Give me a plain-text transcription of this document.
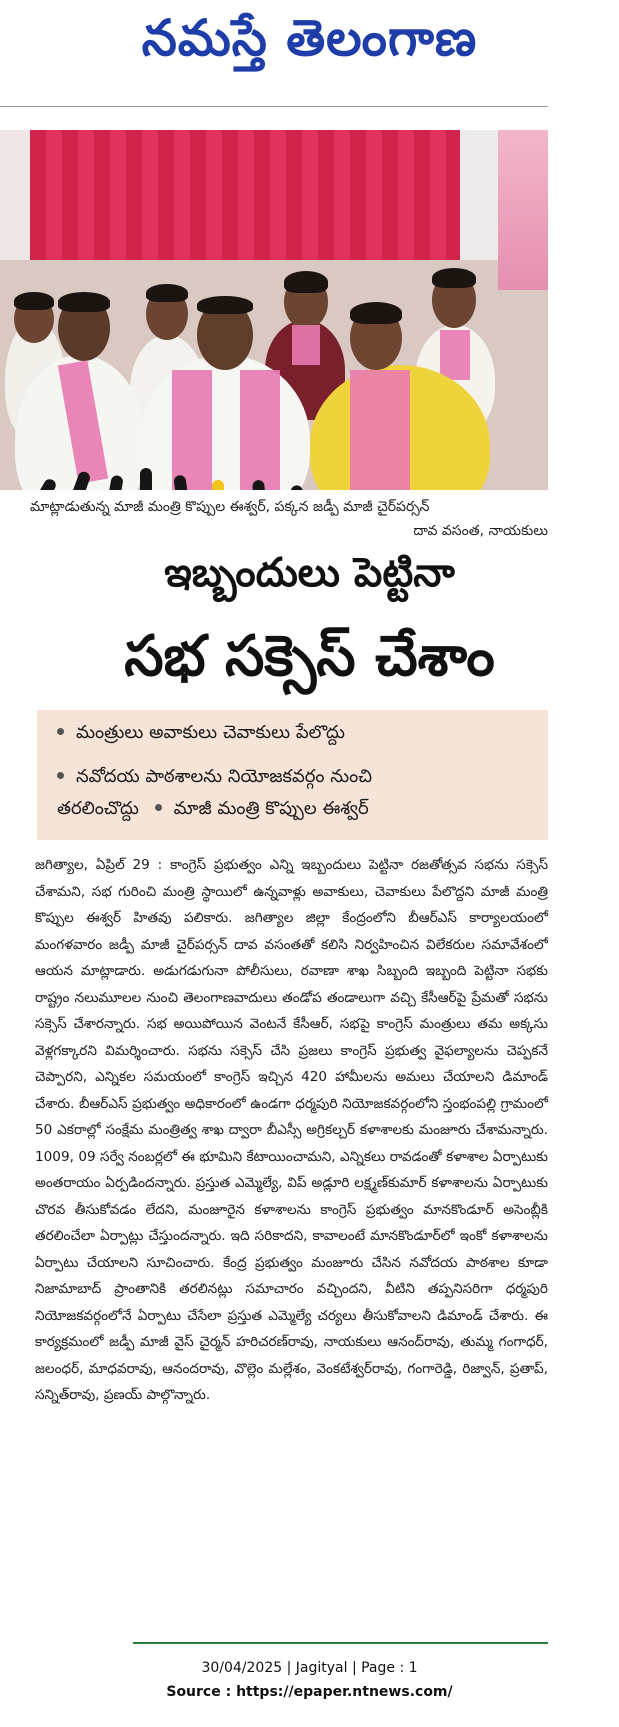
నమస్తే తెలంగాణ
మాట్లాడుతున్న మాజీ మంత్రి కొప్పుల ఈశ్వర్, పక్కన జడ్పీ మాజీ చైర్‌పర్సన్
దావ వసంత, నాయకులు
ఇబ్బందులు పెట్టినా
సభ సక్సెస్ చేశాం
మంత్రులు అవాకులు చెవాకులు పేలొద్దు
నవోదయ పాఠశాలను నియోజకవర్గం నుంచి
తరలించొద్దు మాజీ మంత్రి కొప్పుల ఈశ్వర్

జగిత్యాల, ఏప్రిల్ 29 : కాంగ్రెస్ ప్రభుత్వం ఎన్ని ఇబ్బందులు పెట్టినా రజతోత్సవ సభను సక్సెస్ చేశామని, సభ గురించి మంత్రి స్థాయిలో ఉన్నవాళ్లు అవాకులు, చెవాకులు పేలొద్దని మాజీ మంత్రి కొప్పుల ఈశ్వర్ హితవు పలికారు. జగిత్యాల జిల్లా కేంద్రంలోని బీఆర్ఎస్ కార్యాలయంలో మంగళవారం జడ్పీ మాజీ చైర్‌పర్సన్ దావ వసంతతో కలిసి నిర్వహించిన విలేకరుల సమావేశంలో ఆయన మాట్లాడారు. అడుగడుగునా పోలీసులు, రవాణా శాఖ సిబ్బంది ఇబ్బంది పెట్టినా సభకు రాష్ట్రం నలుమూలల నుంచి తెలంగాణవాదులు తండోప తండాలుగా వచ్చి కేసీఆర్‌పై ప్రేమతో సభను సక్సెస్ చేశారన్నారు. సభ అయిపోయిన వెంటనే కేసీఆర్, సభపై కాంగ్రెస్ మంత్రులు తమ అక్కసు వెళ్లగక్కారని విమర్శించారు. సభను సక్సెస్ చేసి ప్రజలు కాంగ్రెస్ ప్రభుత్వ వైఫల్యాలను చెప్పకనే చెప్పారని, ఎన్నికల సమయంలో కాంగ్రెస్ ఇచ్చిన 420 హామీలను అమలు చేయాలని డిమాండ్ చేశారు. బీఆర్ఎస్ ప్రభుత్వం అధికారంలో ఉండగా ధర్మపురి నియోజకవర్గంలోని స్తంభంపల్లి గ్రామంలో 50 ఎకరాల్లో సంక్షేమ మంత్రిత్వ శాఖ ద్వారా బీఎస్సీ అగ్రికల్చర్ కళాశాలకు మంజూరు చేశామన్నారు. 1009, 09 సర్వే నంబర్లలో ఈ భూమిని కేటాయించామని, ఎన్నికలు రావడంతో కళాశాల ఏర్పాటుకు అంతరాయం ఏర్పడిందన్నారు. ప్రస్తుత ఎమ్మెల్యే, విప్ అడ్లూరి లక్ష్మణ్‌కుమార్ కళాశాలను ఏర్పాటుకు చొరవ తీసుకోవడం లేదని, మంజూరైన కళాశాలను కాంగ్రెస్ ప్రభుత్వం మానకొండూర్ అసెంబ్లీకి తరలించేలా ఏర్పాట్లు చేస్తుందన్నారు. ఇది సరికాదని, కావాలంటే మానకొండూర్‌లో ఇంకో కళాశాలను ఏర్పాటు చేయాలని సూచించారు. కేంద్ర ప్రభుత్వం మంజూరు చేసిన నవోదయ పాఠశాల కూడా నిజామాబాద్ ప్రాంతానికి తరలినట్లు సమాచారం వచ్చిందని, వీటిని తప్పనిసరిగా ధర్మపురి నియోజకవర్గంలోనే ఏర్పాటు చేసేలా ప్రస్తుత ఎమ్మెల్యే చర్యలు తీసుకోవాలని డిమాండ్ చేశారు. ఈ కార్యక్రమంలో జడ్పీ మాజీ వైస్ చైర్మన్ హరిచరణ్‌రావు, నాయకులు ఆనంద్‌రావు, తుమ్మ గంగాధర్, జలంధర్, మాధవరావు, ఆనందరావు, వొల్లెం మల్లేశం, వెంకటేశ్వర్‌రావు, గంగారెడ్డి, రిజ్వాన్, ప్రతాప్, సన్నిత్‌రావు, ప్రణయ్ పాల్గొన్నారు.

30/04/2025 | Jagityal | Page : 1
Source : https://epaper.ntnews.com/
